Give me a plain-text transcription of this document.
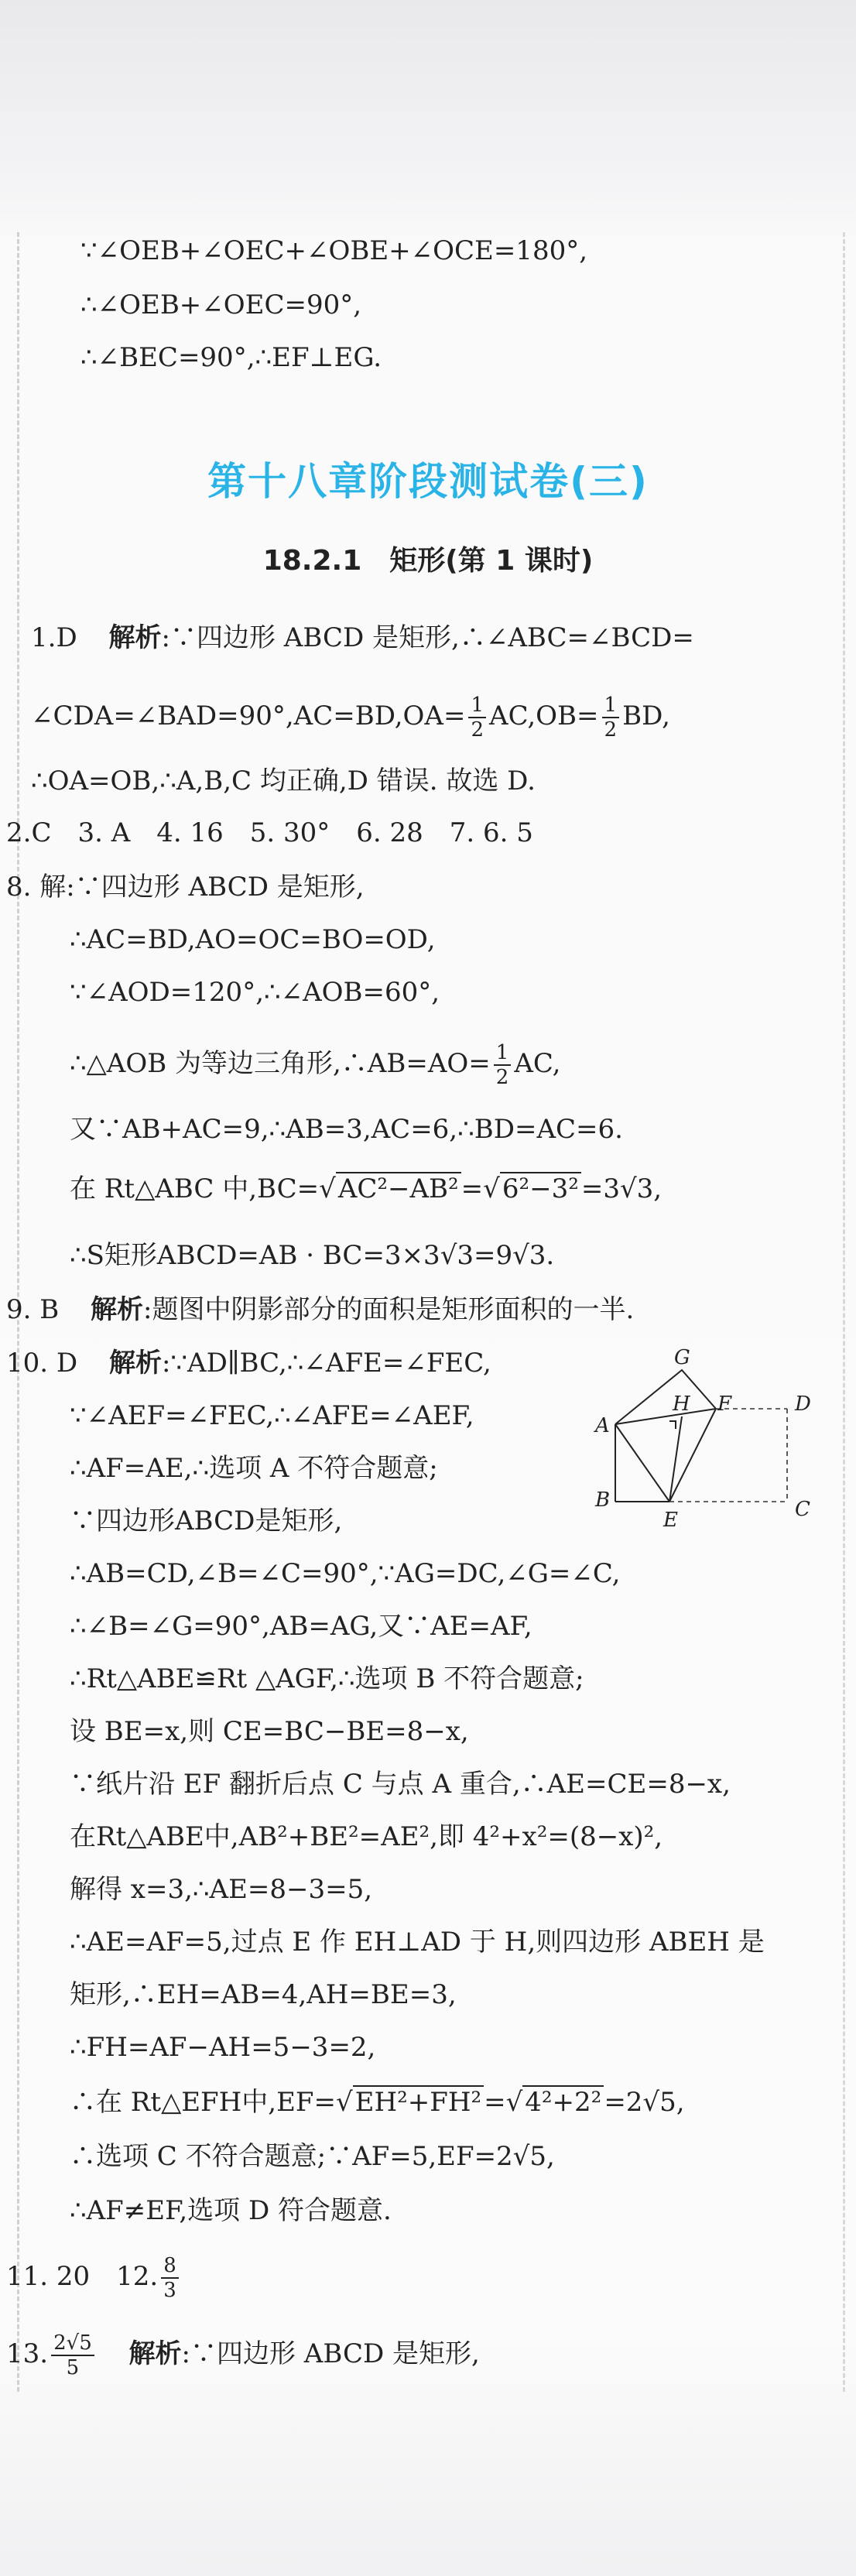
∵∠OEB+∠OEC+∠OBE+∠OCE=180°,
∴∠OEB+∠OEC=90°,
∴∠BEC=90°,∴EF⊥EG.
第十八章阶段测试卷(三)
18.2.1　矩形(第 1 课时)
1.D 解析:∵四边形 ABCD 是矩形,∴∠ABC=∠BCD=
∠CDA=∠BAD=90°,AC=BD,OA= $\frac{1}{2} AC,OB= \frac{1}{2}$ BD,
∴OA=OB,∴A,B,C 均正确,D 错误. 故选 D.
2.C　3. A　4. 16　5. 30°　6. 28　7. 6. 5
8. 解:∵四边形 ABCD 是矩形,
∴AC=BD,AO=OC=BO=OD,
∵∠AOD=120°,∴∠AOB=60°,
∴△AOB 为等边三角形,∴AB=AO= $\frac{1}{2}$ AC,
又∵AB+AC=9,∴AB=3,AC=6,∴BD=AC=6.
在 Rt△ABC 中,BC=√AC²−AB²=√6²−3²=3√3,
∴S矩形ABCD=AB · BC=3×3√3=9√3.
9. B 解析:题图中阴影部分的面积是矩形面积的一半.
10. D 解析:∵AD∥BC,∴∠AFE=∠FEC,
∵∠AEF=∠FEC,∴∠AFE=∠AEF,
∴AF=AE,∴选项 A 不符合题意;
∵四边形ABCD是矩形,
∴AB=CD,∠B=∠C=90°,∵AG=DC,∠G=∠C,
∴∠B=∠G=90°,AB=AG,又∵AE=AF,
∴Rt△ABE≌Rt △AGF,∴选项 B 不符合题意;
设 BE=x,则 CE=BC−BE=8−x,
∵纸片沿 EF 翻折后点 C 与点 A 重合,∴AE=CE=8−x,
在Rt△ABE中,AB²+BE²=AE²,即 4²+x²=(8−x)²,
解得 x=3,∴AE=8−3=5,
∴AE=AF=5,过点 E 作 EH⊥AD 于 H,则四边形 ABEH 是
矩形,∴EH=AB=4,AH=BE=3,
∴FH=AF−AH=5−3=2,
∴在 Rt△EFH中,EF=√EH²+FH²=√4²+2²=2√5,
∴选项 C 不符合题意;∵AF=5,EF=2√5,
∴AF≠EF,选项 D 符合题意.
G
A
H F	D
B
E	C
11. 20　12. $\frac{8}{3}$
13. $\frac{2√5}{5}$ 解析:∵四边形 ABCD 是矩形,
